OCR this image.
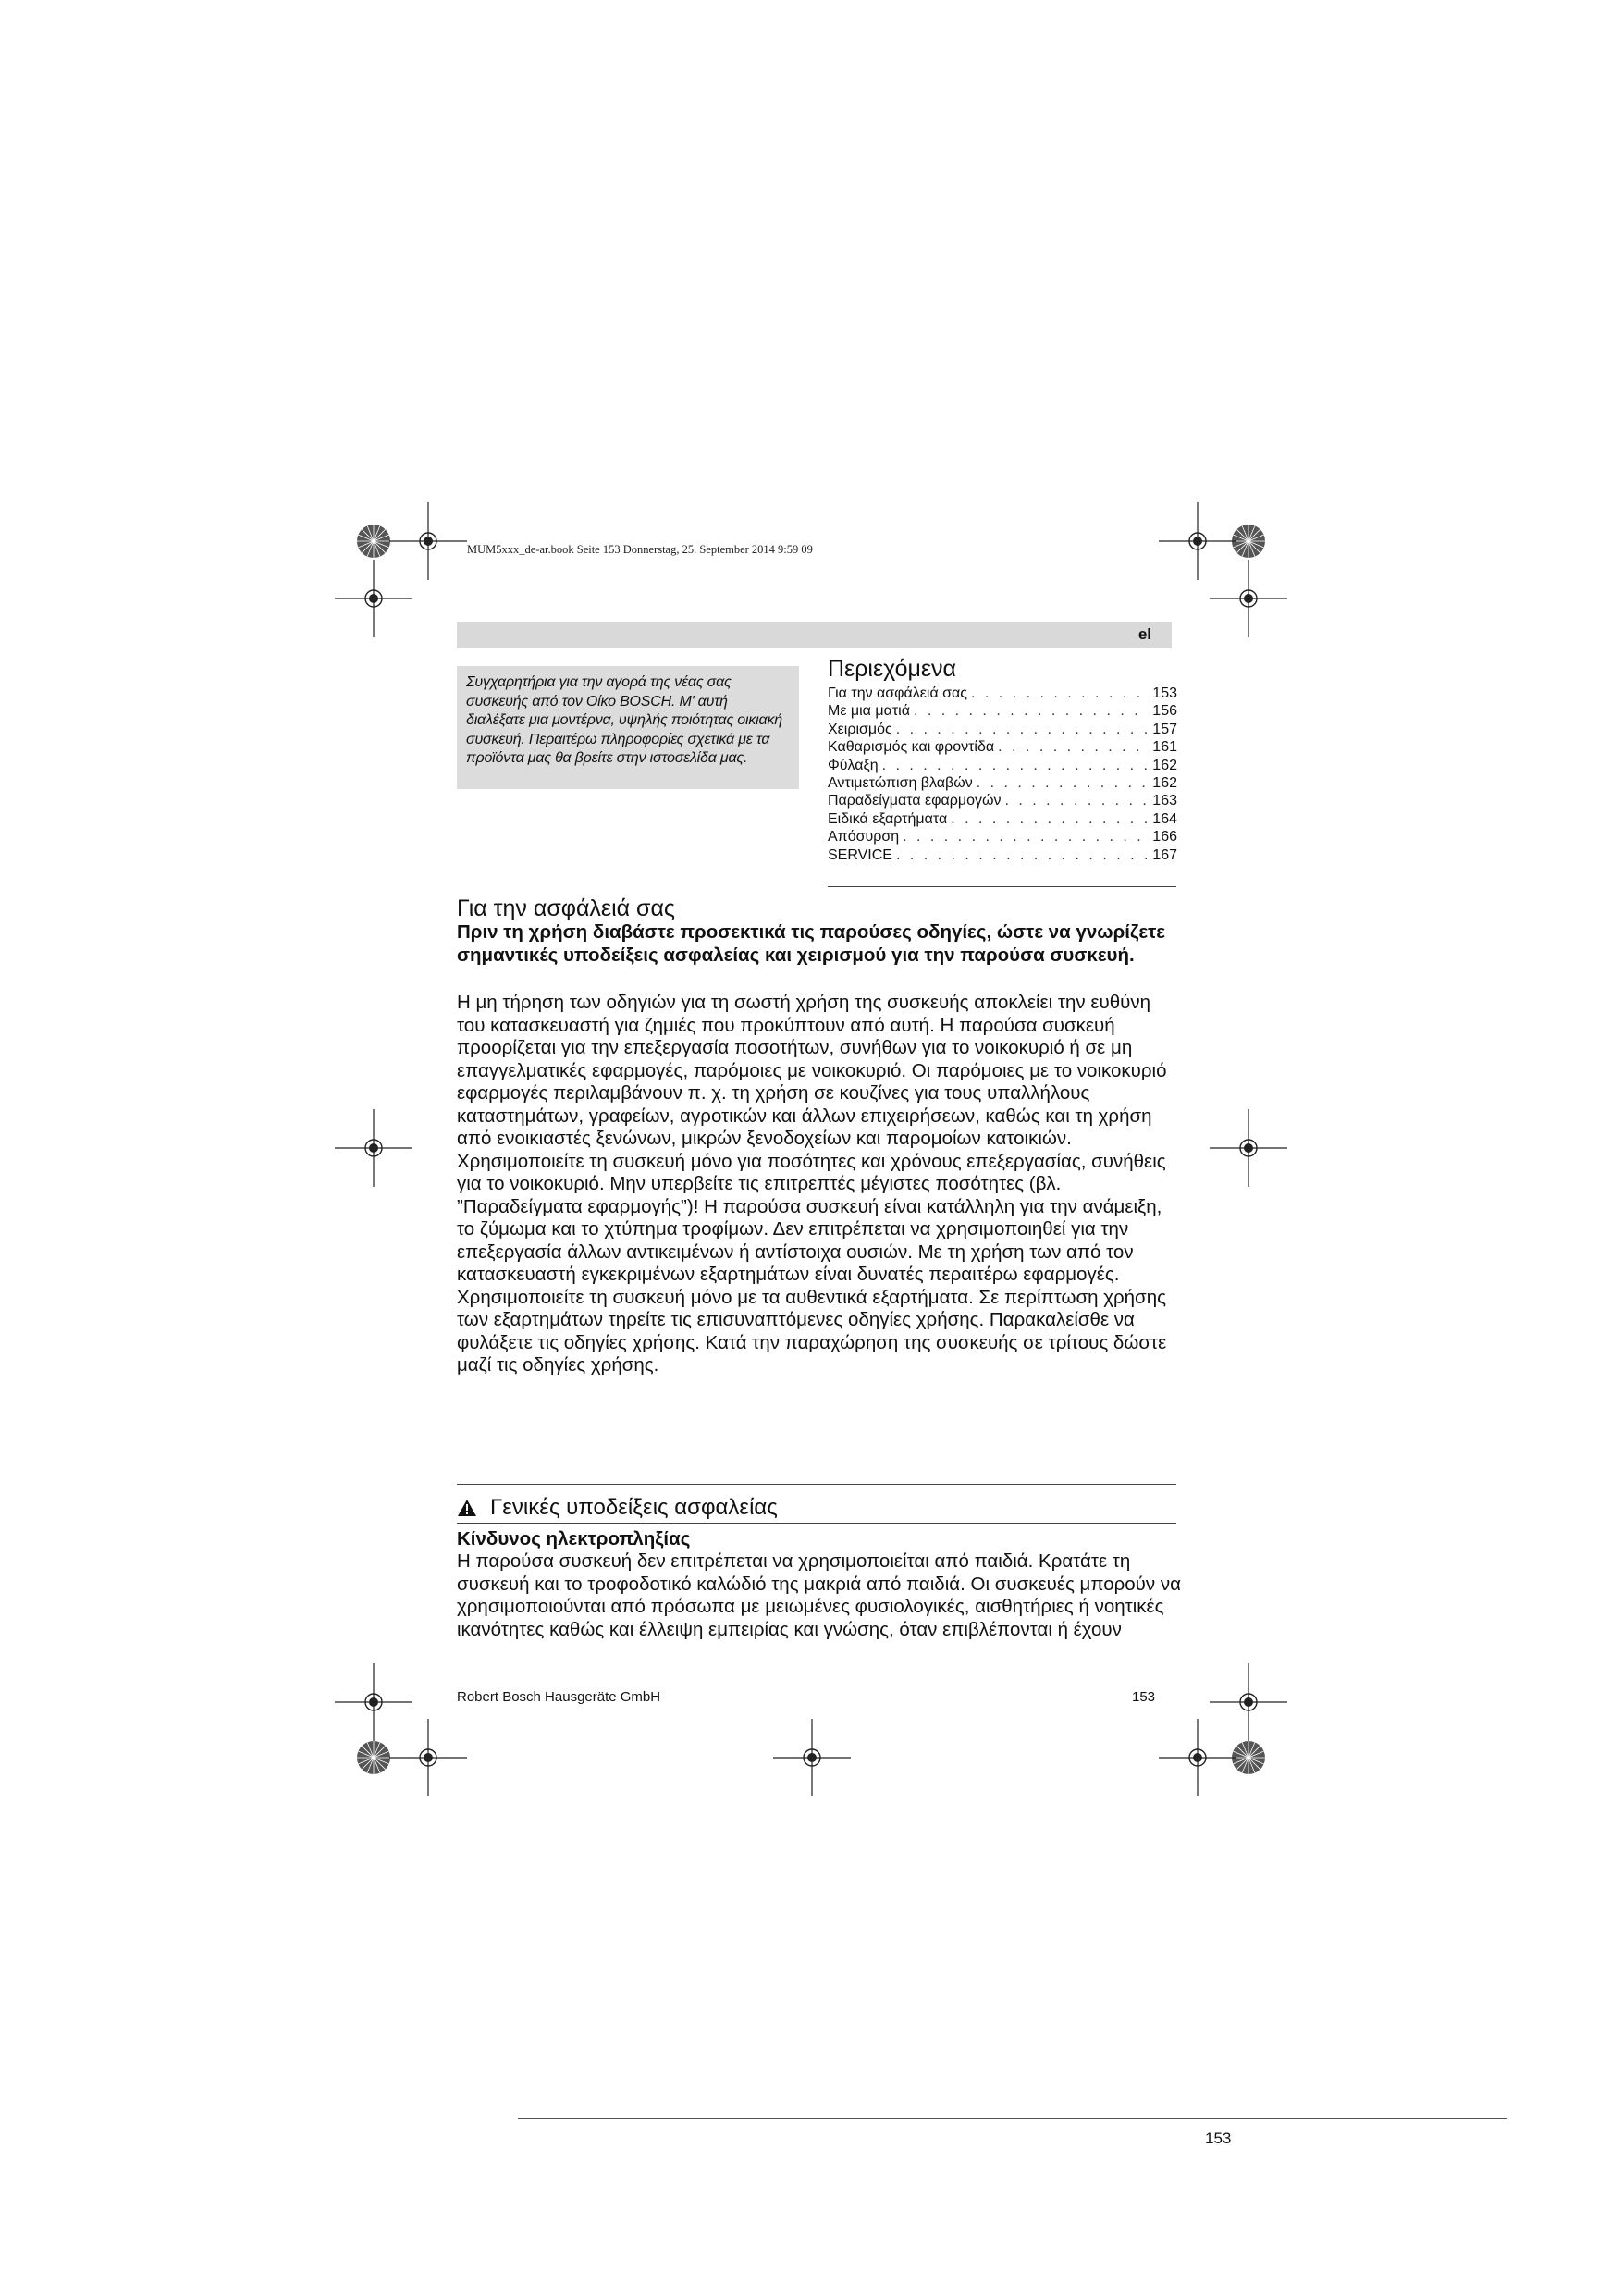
MUM5xxx_de-ar.book Seite 153 Donnerstag, 25. September 2014 9:59 09
el
Συγχαρητήρια για την αγορά της νέας σας συσκευής από τον Οίκο BOSCH. Μ' αυτή διαλέξατε μια μοντέρνα, υψηλής ποιότητας οικιακή συσκευή. Περαιτέρω πληροφορίες σχετικά με τα προϊόντα μας θα βρείτε στην ιστοσελίδα μας.
Περιεχόμενα
Για την ασφάλειά σας . . .	153
Με μια ματιά . . .	156
Χειρισμός . . .	157
Καθαρισμός και φροντίδα . . .	161
Φύλαξη . . .	162
Αντιμετώπιση βλαβών . . .	162
Παραδείγματα εφαρμογών . . .	163
Ειδικά εξαρτήματα . . .	164
Απόσυρση . . .	166
SERVICE . . .	167
Για την ασφάλειά σας
Πριν τη χρήση διαβάστε προσεκτικά τις παρούσες οδηγίες, ώστε να γνωρίζετε σημαντικές υποδείξεις ασφαλείας και χειρισμού για την παρούσα συσκευή.
Η μη τήρηση των οδηγιών για τη σωστή χρήση της συσκευής αποκλείει την ευθύνη του κατασκευαστή για ζημιές που προκύπτουν από αυτή. Η παρούσα συσκευή προορίζεται για την επεξεργασία ποσοτήτων, συνήθων για το νοικοκυριό ή σε μη επαγγελματικές εφαρμογές, παρόμοιες με νοικοκυριό. Οι παρόμοιες με το νοικοκυριό εφαρμογές περιλαμβάνουν π. χ. τη χρήση σε κουζίνες για τους υπαλλήλους καταστημάτων, γραφείων, αγροτικών και άλλων επιχειρήσεων, καθώς και τη χρήση από ενοικιαστές ξενώνων, μικρών ξενοδοχείων και παρομοίων κατοικιών. Χρησιμοποιείτε τη συσκευή μόνο για ποσότητες και χρόνους επεξεργασίας, συνήθεις για το νοικοκυριό. Μην υπερβείτε τις επιτρεπτές μέγιστες ποσότητες (βλ. ”Παραδείγματα εφαρμογής”)! Η παρούσα συσκευή είναι κατάλληλη για την ανάμειξη, το ζύμωμα και το χτύπημα τροφίμων. Δεν επιτρέπεται να χρησιμοποιηθεί για την επεξεργασία άλλων αντικειμένων ή αντίστοιχα ουσιών. Με τη χρήση των από τον κατασκευαστή εγκεκριμένων εξαρτημάτων είναι δυνατές περαιτέρω εφαρμογές. Χρησιμοποιείτε τη συσκευή μόνο με τα αυθεντικά εξαρτήματα. Σε περίπτωση χρήσης των εξαρτημάτων τηρείτε τις επισυναπτόμενες οδηγίες χρήσης. Παρακαλείσθε να φυλάξετε τις οδηγίες χρήσης. Κατά την παραχώρηση της συσκευής σε τρίτους δώστε μαζί τις οδηγίες χρήσης.
Γενικές υποδείξεις ασφαλείας
Κίνδυνος ηλεκτροπληξίας
Η παρούσα συσκευή δεν επιτρέπεται να χρησιμοποιείται από παιδιά. Κρατάτε τη συσκευή και το τροφοδοτικό καλώδιό της μακριά από παιδιά. Οι συσκευές μπορούν να χρησιμοποιούνται από πρόσωπα με μειωμένες φυσιολογικές, αισθητήριες ή νοητικές ικανότητες καθώς και έλλειψη εμπειρίας και γνώσης, όταν επιβλέπονται ή έχουν
Robert Bosch Hausgeräte GmbH	153
153
